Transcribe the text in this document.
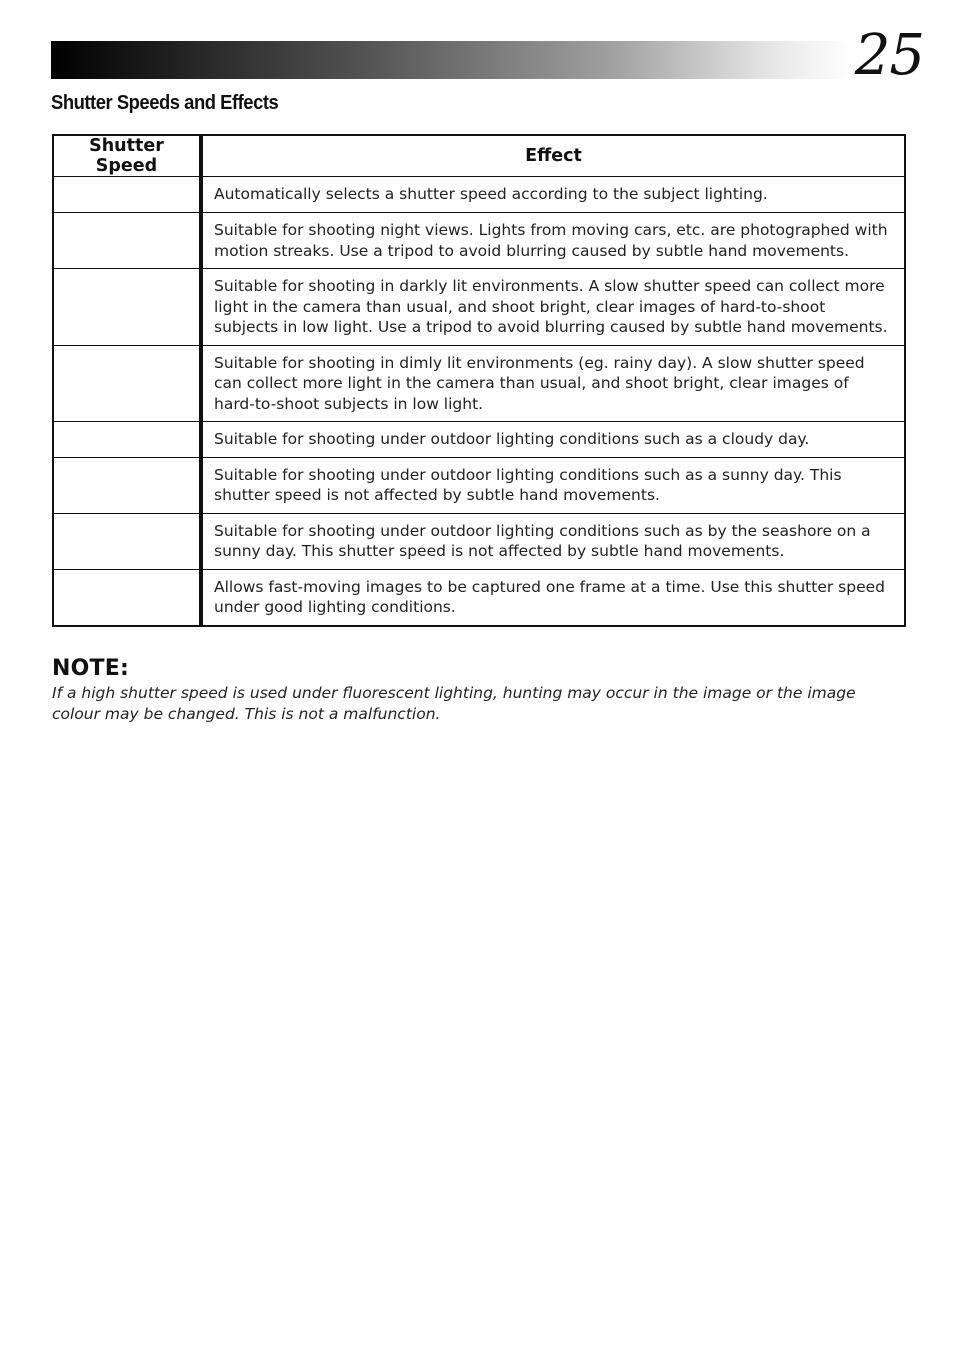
25
Shutter Speeds and Effects
Shutter Speed	Effect
	Automatically selects a shutter speed according to the subject lighting.
	Suitable for shooting night views. Lights from moving cars, etc. are photographed with motion streaks. Use a tripod to avoid blurring caused by subtle hand movements.
	Suitable for shooting in darkly lit environments. A slow shutter speed can collect more light in the camera than usual, and shoot bright, clear images of hard-to-shoot subjects in low light. Use a tripod to avoid blurring caused by subtle hand movements.
	Suitable for shooting in dimly lit environments (eg. rainy day). A slow shutter speed can collect more light in the camera than usual, and shoot bright, clear images of hard-to-shoot subjects in low light.
	Suitable for shooting under outdoor lighting conditions such as a cloudy day.
	Suitable for shooting under outdoor lighting conditions such as a sunny day. This shutter speed is not affected by subtle hand movements.
	Suitable for shooting under outdoor lighting conditions such as by the seashore on a sunny day. This shutter speed is not affected by subtle hand movements.
	Allows fast-moving images to be captured one frame at a time. Use this shutter speed under good lighting conditions.
NOTE:
If a high shutter speed is used under fluorescent lighting, hunting may occur in the image or the image colour may be changed. This is not a malfunction.
